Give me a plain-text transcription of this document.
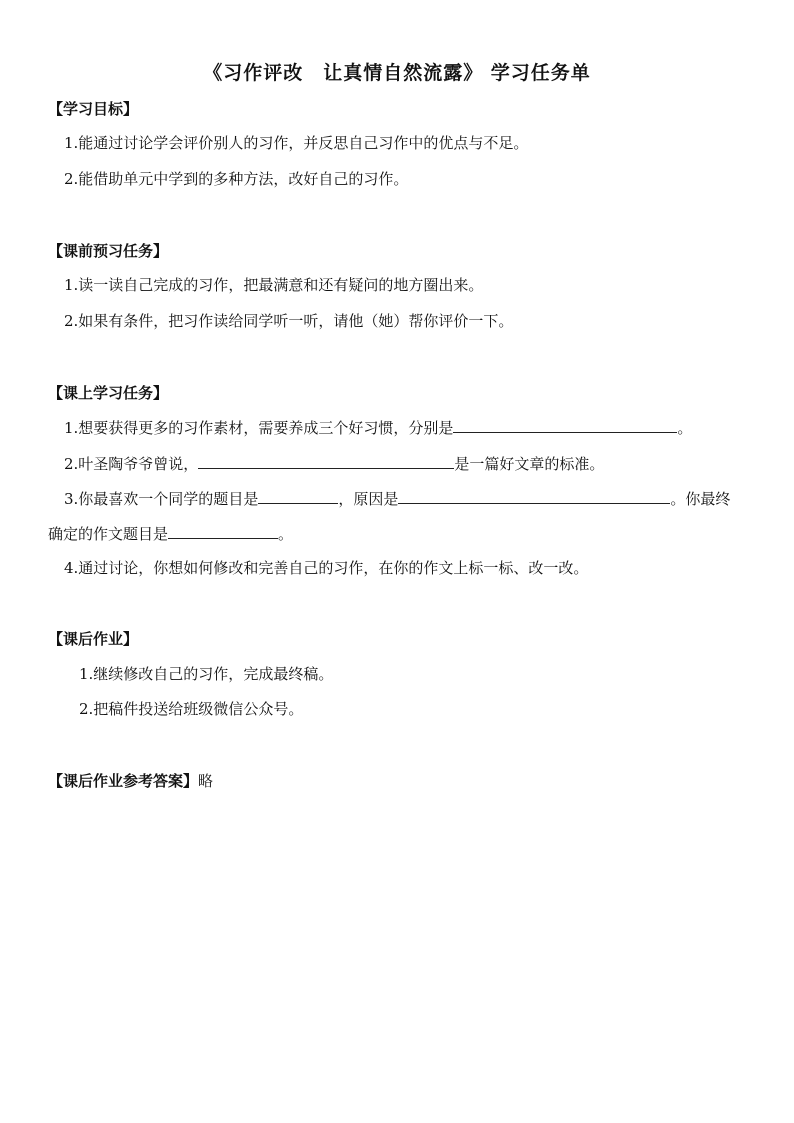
《习作评改　让真情自然流露》 学习任务单
【学习目标】
1.能通过讨论学会评价别人的习作，并反思自己习作中的优点与不足。
2.能借助单元中学到的多种方法，改好自己的习作。
【课前预习任务】
1.读一读自己完成的习作，把最满意和还有疑问的地方圈出来。
2.如果有条件，把习作读给同学听一听，请他（她）帮你评价一下。
【课上学习任务】
1.想要获得更多的习作素材，需要养成三个好习惯，分别是	。
2.叶圣陶爷爷曾说，	是一篇好文章的标准。
3.你最喜欢一个同学的题目是	，原因是	。你最终
确定的作文题目是	。
4.通过讨论，你想如何修改和完善自己的习作，在你的作文上标一标、改一改。
【课后作业】
1.继续修改自己的习作，完成最终稿。
2.把稿件投送给班级微信公众号。
【课后作业参考答案】略
